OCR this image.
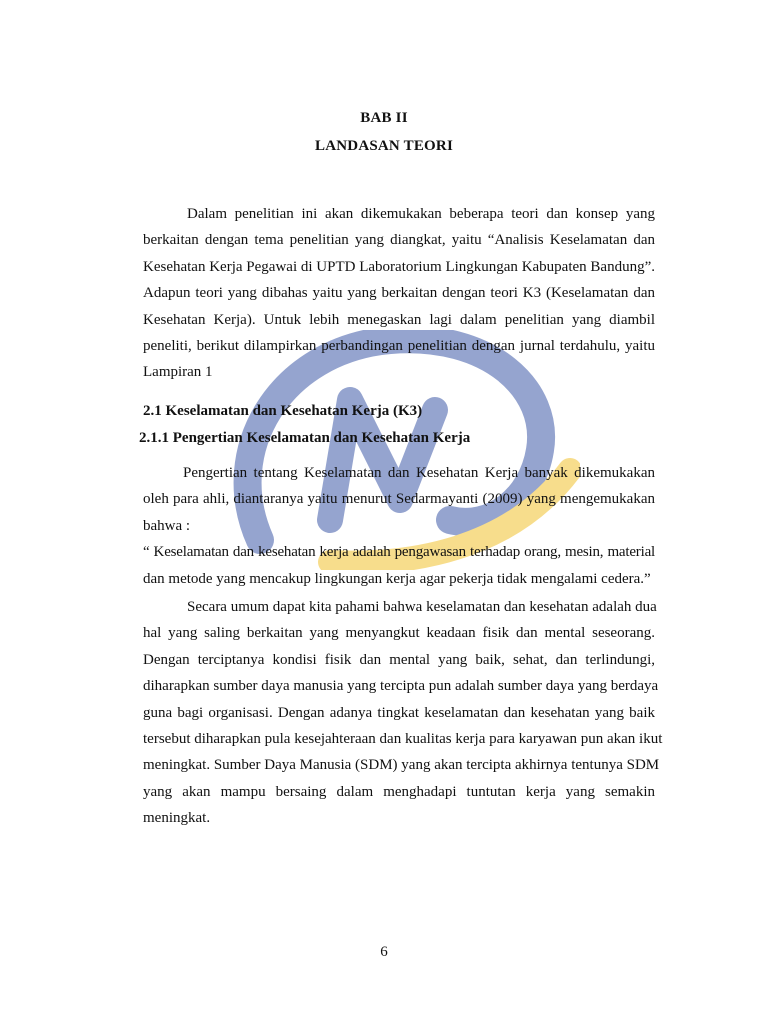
BAB II
LANDASAN TEORI
Dalam penelitian ini akan dikemukakan beberapa teori dan konsep yang
berkaitan dengan tema penelitian yang diangkat, yaitu “Analisis Keselamatan dan
Kesehatan Kerja Pegawai di UPTD Laboratorium Lingkungan Kabupaten Bandung”.
Adapun teori yang dibahas yaitu yang berkaitan dengan teori K3 (Keselamatan dan
Kesehatan Kerja). Untuk lebih menegaskan lagi dalam penelitian yang diambil
peneliti, berikut dilampirkan perbandingan penelitian dengan jurnal terdahulu, yaitu
Lampiran 1
2.1 Keselamatan dan Kesehatan Kerja (K3)
2.1.1 Pengertian Keselamatan dan Kesehatan Kerja
Pengertian tentang Keselamatan dan Kesehatan Kerja banyak dikemukakan
oleh para ahli, diantaranya yaitu menurut Sedarmayanti (2009) yang mengemukakan
bahwa :
“ Keselamatan dan kesehatan kerja adalah pengawasan terhadap orang, mesin, material
dan metode yang mencakup lingkungan kerja agar pekerja tidak mengalami cedera.”
Secara umum dapat kita pahami bahwa keselamatan dan kesehatan adalah dua
hal yang saling berkaitan yang menyangkut keadaan fisik dan mental seseorang.
Dengan terciptanya kondisi fisik dan mental yang baik, sehat, dan terlindungi,
diharapkan sumber daya manusia yang tercipta pun adalah sumber daya yang berdaya
guna bagi organisasi. Dengan adanya tingkat keselamatan dan kesehatan yang baik
tersebut diharapkan pula kesejahteraan dan kualitas kerja para karyawan pun akan ikut
meningkat. Sumber Daya Manusia (SDM) yang akan tercipta akhirnya tentunya SDM
yang akan mampu bersaing dalam menghadapi tuntutan kerja yang semakin
meningkat.
6
